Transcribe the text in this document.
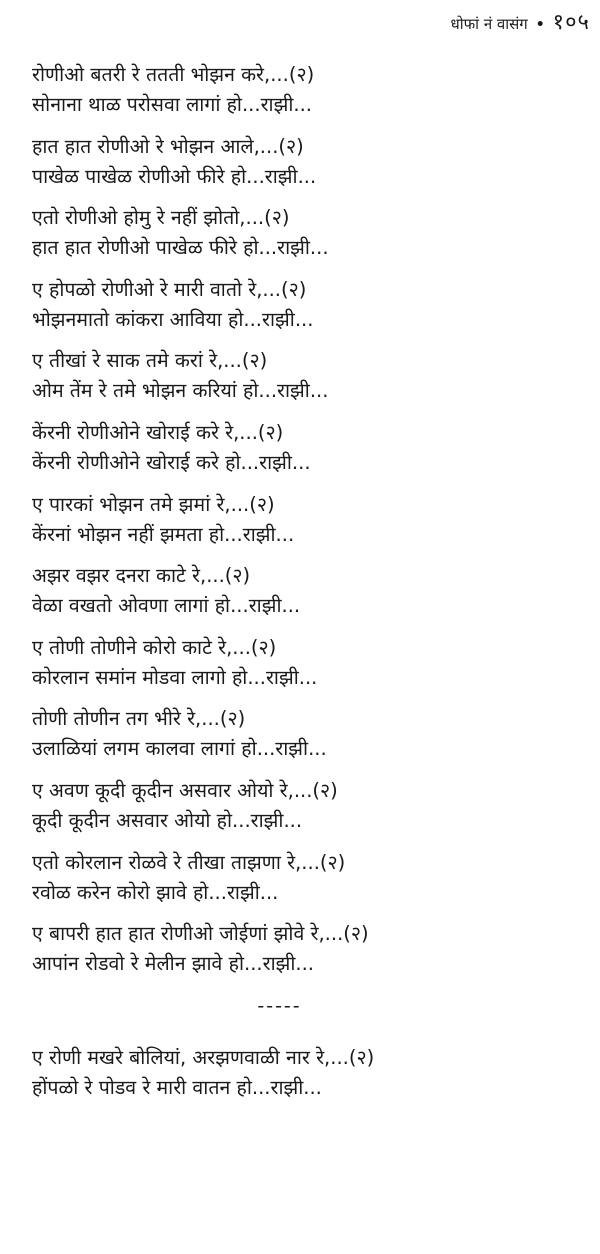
धोफां नं वासंग • १०५
रोणीओ बतरी रे ततती भोझन करे,...(२)
सोनाना थाळ परोसवा लागां हो...राझी...
हात हात रोणीओ रे भोझन आले,...(२)
पाखेळ पाखेळ रोणीओ फीरे हो...राझी...
एतो रोणीओ होमु रे नहीं झोतो,...(२)
हात हात रोणीओ पाखेळ फीरे हो...राझी...
ए होपळो रोणीओ रे मारी वातो रे,...(२)
भोझनमातो कांकरा आविया हो...राझी...
ए तीखां रे साक तमे करां रे,...(२)
ओम तेंम रे तमे भोझन करियां हो...राझी...
केंरनी रोणीओने खोराई करे रे,...(२)
केंरनी रोणीओने खोराई करे हो...राझी...
ए पारकां भोझन तमे झमां रे,...(२)
केंरनां भोझन नहीं झमता हो...राझी...
अझर वझर दनरा काटे रे,...(२)
वेळा वखतो ओवणा लागां हो...राझी...
ए तोणी तोणीने कोरो काटे रे,...(२)
कोरलान समांन मोडवा लागो हो...राझी...
तोणी तोणीन तग भीरे रे,...(२)
उलाळियां लगम कालवा लागां हो...राझी...
ए अवण कूदी कूदीन असवार ओयो रे,...(२)
कूदी कूदीन असवार ओयो हो...राझी...
एतो कोरलान रोळवे रे तीखा ताझणा रे,...(२)
रवोळ करेन कोरो झावे हो...राझी...
ए बापरी हात हात रोणीओ जोईणां झोवे रे,...(२)
आपांन रोडवो रे मेलीन झावे हो...राझी...
-----
ए रोणी मखरे बोलियां, अरझणवाळी नार रे,...(२)
होंपळो रे पोडव रे मारी वातन हो...राझी...
